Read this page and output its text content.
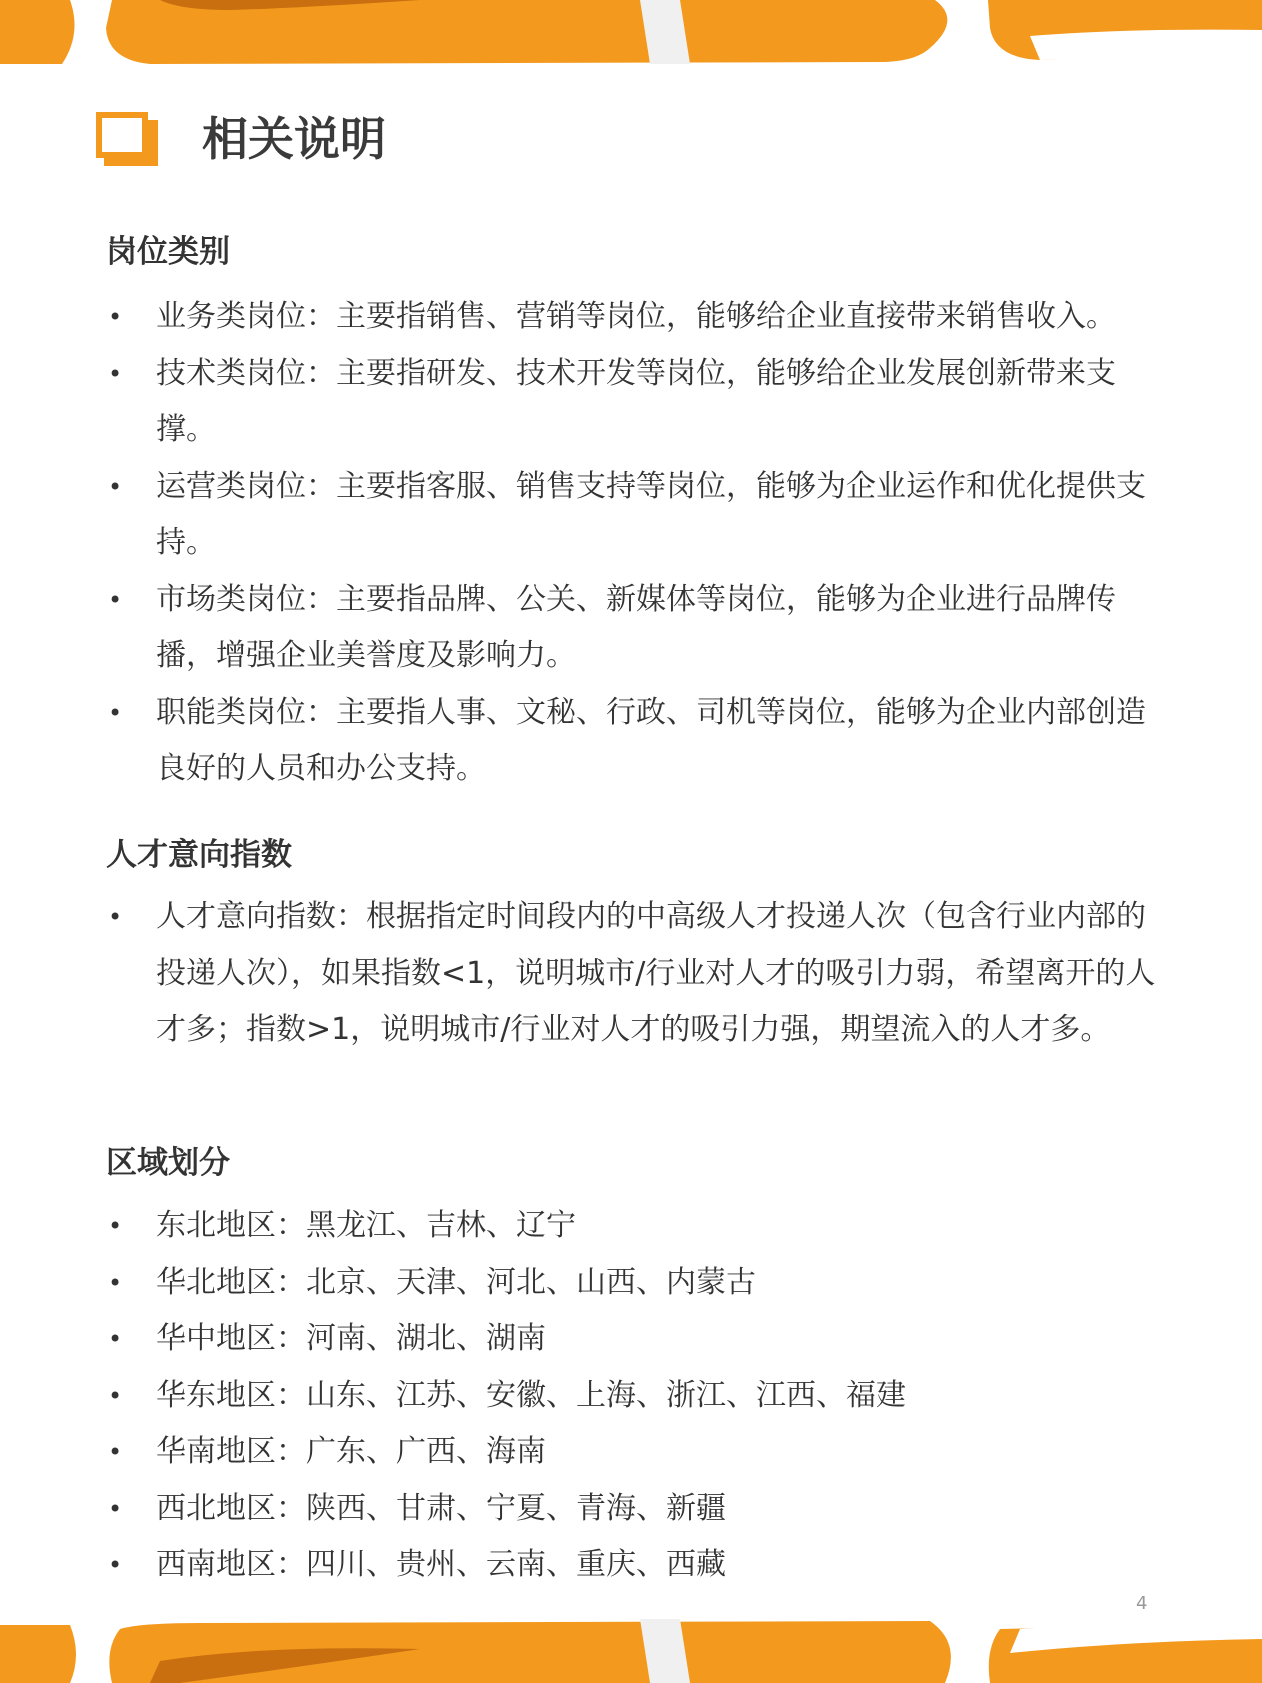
相关说明
岗位类别
• 业务类岗位：主要指销售、营销等岗位，能够给企业直接带来销售收入。
• 技术类岗位：主要指研发、技术开发等岗位，能够给企业发展创新带来支撑。
• 运营类岗位：主要指客服、销售支持等岗位，能够为企业运作和优化提供支持。
• 市场类岗位：主要指品牌、公关、新媒体等岗位，能够为企业进行品牌传播，增强企业美誉度及影响力。
• 职能类岗位：主要指人事、文秘、行政、司机等岗位，能够为企业内部创造良好的人员和办公支持。
人才意向指数
• 人才意向指数：根据指定时间段内的中高级人才投递人次（包含行业内部的投递人次），如果指数<1，说明城市/行业对人才的吸引力弱，希望离开的人才多；指数>1，说明城市/行业对人才的吸引力强，期望流入的人才多。
区域划分
• 东北地区：黑龙江、吉林、辽宁
• 华北地区：北京、天津、河北、山西、内蒙古
• 华中地区：河南、湖北、湖南
• 华东地区：山东、江苏、安徽、上海、浙江、江西、福建
• 华南地区：广东、广西、海南
• 西北地区：陕西、甘肃、宁夏、青海、新疆
• 西南地区：四川、贵州、云南、重庆、西藏
4
